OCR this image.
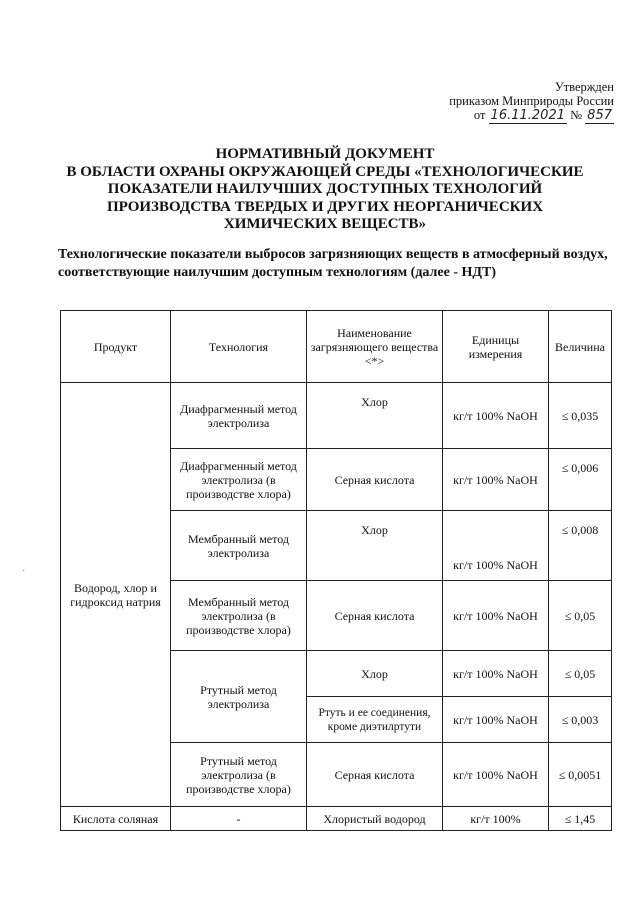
Утвержден
приказом Минприроды России
от 16.11.2021 № 857
НОРМАТИВНЫЙ ДОКУМЕНТ
В ОБЛАСТИ ОХРАНЫ ОКРУЖАЮЩЕЙ СРЕДЫ «ТЕХНОЛОГИЧЕСКИЕ
ПОКАЗАТЕЛИ НАИЛУЧШИХ ДОСТУПНЫХ ТЕХНОЛОГИЙ
ПРОИЗВОДСТВА ТВЕРДЫХ И ДРУГИХ НЕОРГАНИЧЕСКИХ
ХИМИЧЕСКИХ ВЕЩЕСТВ»
Технологические показатели выбросов загрязняющих веществ в атмосферный воздух, соответствующие наилучшим доступным технологиям (далее - НДТ)
·
Продукт	Технология	Наименование загрязняющего вещества <*>	Единицы измерения	Величина
Водород, хлор и гидроксид натрия	Диафрагменный метод электролиза	Хлор	кг/т 100% NaOH	≤ 0,035
	Диафрагменный метод электролиза (в производстве хлора)	Серная кислота	кг/т 100% NaOH	≤ 0,006
	Мембранный метод электролиза	Хлор	кг/т 100% NaOH	≤ 0,008
	Мембранный метод электролиза (в производстве хлора)	Серная кислота	кг/т 100% NaOH	≤ 0,05
	Ртутный метод электролиза	Хлор	кг/т 100% NaOH	≤ 0,05
		Ртуть и ее соединения, кроме диэтилртути	кг/т 100% NaOH	≤ 0,003
	Ртутный метод электролиза (в производстве хлора)	Серная кислота	кг/т 100% NaOH	≤ 0,0051
Кислота соляная	-	Хлористый водород	кг/т 100%	≤ 1,45
